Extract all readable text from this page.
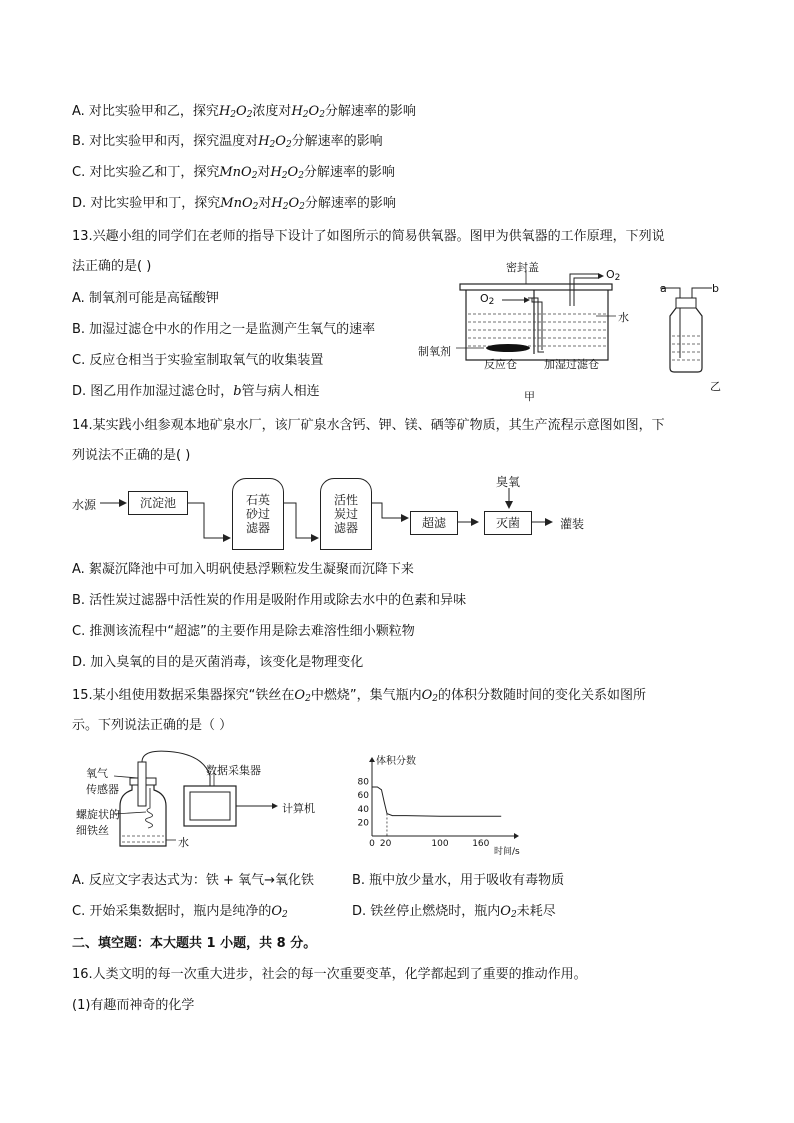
A. 对比实验甲和乙，探究$H_2O_2$浓度对$H_2O_2$分解速率的影响
B. 对比实验甲和丙，探究温度对$H_2O_2$分解速率的影响
C. 对比实验乙和丁，探究MnO$_2$对$H_2O_2$分解速率的影响
D. 对比实验甲和丁，探究MnO$_2$对$H_2O_2$分解速率的影响
13.兴趣小组的同学们在老师的指导下设计了如图所示的简易供氧器。图甲为供氧器的工作原理，下列说
法正确的是( )
A. 制氧剂可能是高锰酸钾
B. 加湿过滤仓中水的作用之一是监测产生氧气的速率
C. 反应仓相当于实验室制取氧气的收集装置
D. 图乙用作加湿过滤仓时，b管与病人相连
密封盖
$O_2$
$O_2$
水
制氧剂
反应仓 加湿过滤仓
甲
a	b
乙
14.某实践小组参观本地矿泉水厂，该厂矿泉水含钙、钾、镁、硒等矿物质，其生产流程示意图如图，下
列说法不正确的是( )
水源	沉淀池	石英
砂过
滤器
活性
炭过
滤器	超滤
臭氧
灭菌	灌装
A. 絮凝沉降池中可加入明矾使悬浮颗粒发生凝聚而沉降下来
B. 活性炭过滤器中活性炭的作用是吸附作用或除去水中的色素和异味
C. 推测该流程中“超滤”的主要作用是除去难溶性细小颗粒物
D. 加入臭氧的目的是灭菌消毒，该变化是物理变化
15.某小组使用数据采集器探究“铁丝在$O_2$中燃烧”，集气瓶内$O_2$的体积分数随时间的变化关系如图所
示。下列说法正确的是（ ）
氧气
传感器
数据采集器
螺旋状的
细铁丝
水
计算机
体积分数
时间/s
80
60
40
20
0 20	100	160
A. 反应文字表达式为：铁 + 氧气→氧化铁	B. 瓶中放少量水，用于吸收有毒物质
C. 开始采集数据时，瓶内是纯净的$O_2$	D. 铁丝停止燃烧时，瓶内$O_2$未耗尽
二、填空题：本大题共 1 小题，共 8 分。
16.人类文明的每一次重大进步，社会的每一次重要变革，化学都起到了重要的推动作用。
(1)有趣而神奇的化学
